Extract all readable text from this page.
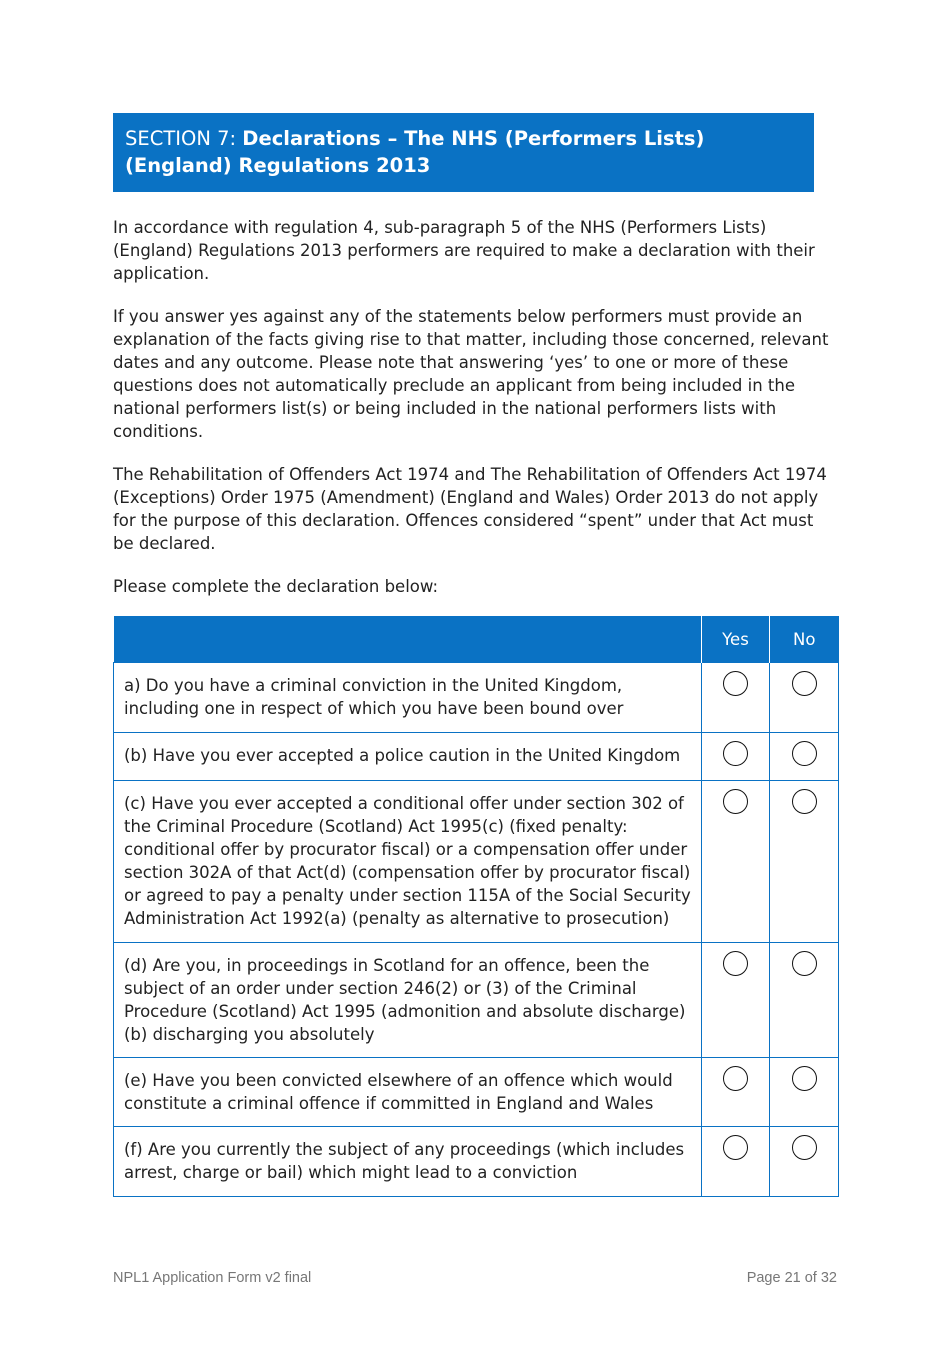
SECTION 7: Declarations – The NHS (Performers Lists) (England) Regulations 2013

In accordance with regulation 4, sub-paragraph 5 of the NHS (Performers Lists) (England) Regulations 2013 performers are required to make a declaration with their application.

If you answer yes against any of the statements below performers must provide an explanation of the facts giving rise to that matter, including those concerned, relevant dates and any outcome. Please note that answering ‘yes’ to one or more of these questions does not automatically preclude an applicant from being included in the national performers list(s) or being included in the national performers lists with conditions.

The Rehabilitation of Offenders Act 1974 and The Rehabilitation of Offenders Act 1974 (Exceptions) Order 1975 (Amendment) (England and Wales) Order 2013 do not apply for the purpose of this declaration. Offences considered “spent” under that Act must be declared.

Please complete the declaration below:

	Yes	No
a) Do you have a criminal conviction in the United Kingdom, including one in respect of which you have been bound over		
(b) Have you ever accepted a police caution in the United Kingdom		
(c) Have you ever accepted a conditional offer under section 302 of the Criminal Procedure (Scotland) Act 1995(c) (fixed penalty: conditional offer by procurator fiscal) or a compensation offer under section 302A of that Act(d) (compensation offer by procurator fiscal) or agreed to pay a penalty under section 115A of the Social Security Administration Act 1992(a) (penalty as alternative to prosecution)		
(d) Are you, in proceedings in Scotland for an offence, been the subject of an order under section 246(2) or (3) of the Criminal Procedure (Scotland) Act 1995 (admonition and absolute discharge)(b) discharging you absolutely		
(e) Have you been convicted elsewhere of an offence which would constitute a criminal offence if committed in England and Wales		
(f) Are you currently the subject of any proceedings (which includes arrest, charge or bail) which might lead to a conviction		
NPL1 Application Form v2 final	Page 21 of 32
